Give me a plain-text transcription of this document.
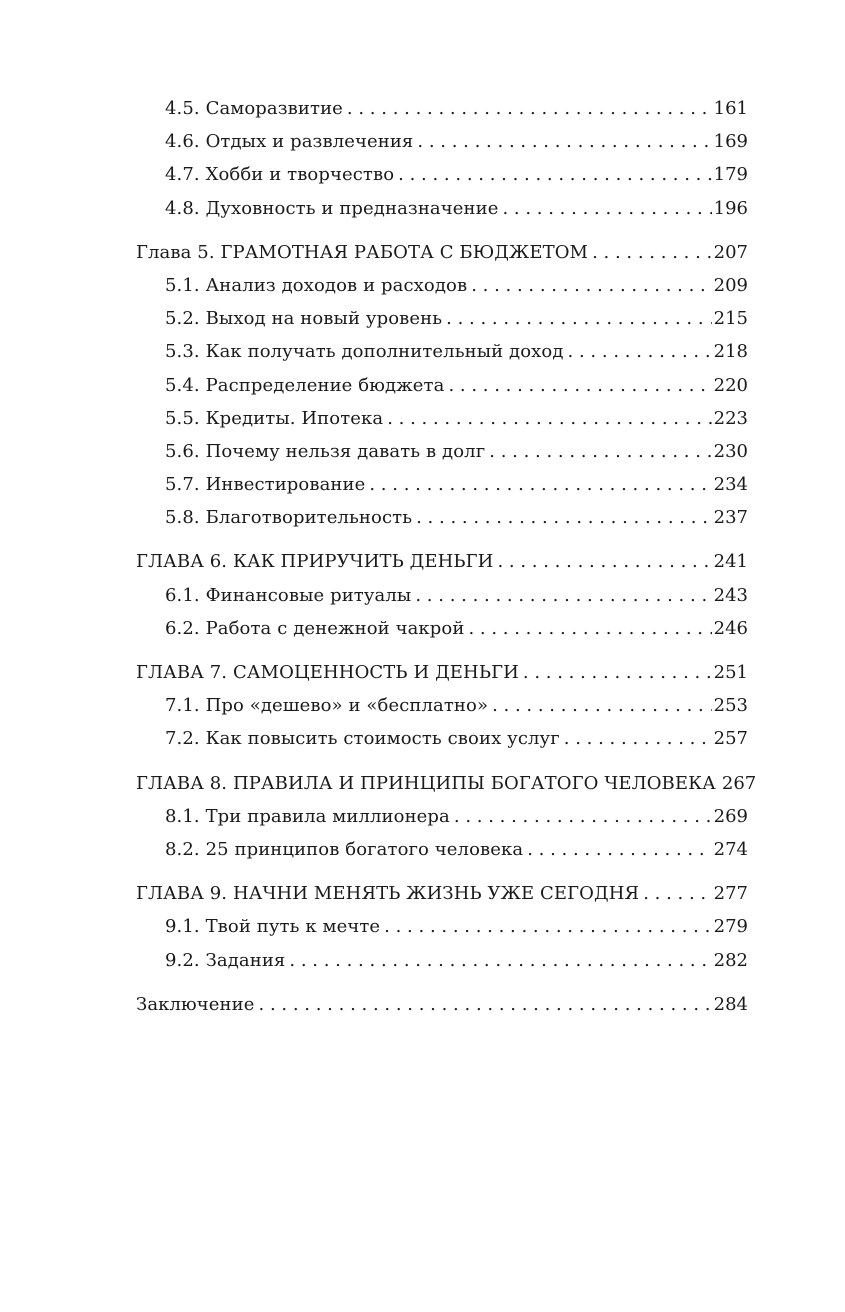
4.5. Саморазвитие . . .	161
4.6. Отдых и развлечения . . .	169
4.7. Хобби и творчество . . .	179
4.8. Духовность и предназначение . . .	196
Глава 5. ГРАМОТНАЯ РАБОТА С БЮДЖЕТОМ . . .	207
5.1. Анализ доходов и расходов . . .	209
5.2. Выход на новый уровень . . .	215
5.3. Как получать дополнительный доход . . .	218
5.4. Распределение бюджета . . .	220
5.5. Кредиты. Ипотека . . .	223
5.6. Почему нельзя давать в долг . . .	230
5.7. Инвестирование . . .	234
5.8. Благотворительность . . .	237
ГЛАВА 6. КАК ПРИРУЧИТЬ ДЕНЬГИ . . .	241
6.1. Финансовые ритуалы . . .	243
6.2. Работа с денежной чакрой . . .	246
ГЛАВА 7. САМОЦЕННОСТЬ И ДЕНЬГИ . . .	251
7.1. Про «дешево» и «бесплатно» . . .	253
7.2. Как повысить стоимость своих услуг . . .	257
ГЛАВА 8. ПРАВИЛА И ПРИНЦИПЫ БОГАТОГО ЧЕЛОВЕКА 267
8.1. Три правила миллионера . . .	269
8.2. 25 принципов богатого человека . . .	274
ГЛАВА 9. НАЧНИ МЕНЯТЬ ЖИЗНЬ УЖЕ СЕГОДНЯ . . .	277
9.1. Твой путь к мечте . . .	279
9.2. Задания . . .	282
Заключение . . .	284
